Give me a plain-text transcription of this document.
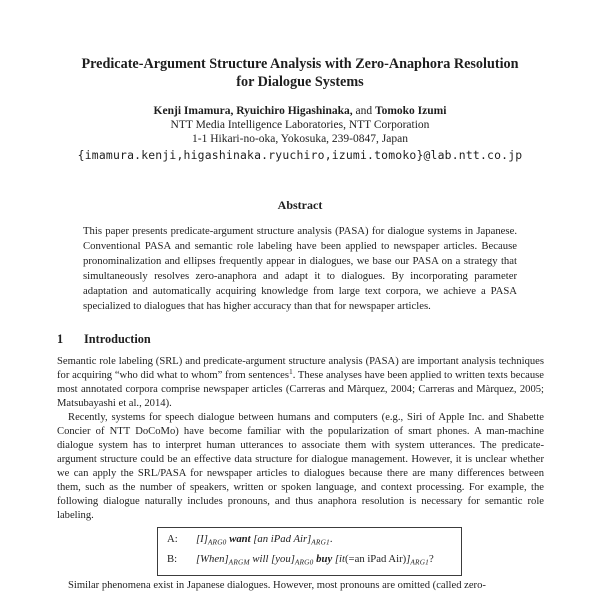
Predicate-Argument Structure Analysis with Zero-Anaphora Resolution
for Dialogue Systems
Kenji Imamura, Ryuichiro Higashinaka, and Tomoko Izumi
NTT Media Intelligence Laboratories, NTT Corporation
1-1 Hikari-no-oka, Yokosuka, 239-0847, Japan
{imamura.kenji,higashinaka.ryuchiro,izumi.tomoko}@lab.ntt.co.jp
Abstract
This paper presents predicate-argument structure analysis (PASA) for dialogue systems in Japanese. Conventional PASA and semantic role labeling have been applied to newspaper articles. Because pronominalization and ellipses frequently appear in dialogues, we base our PASA on a strategy that simultaneously resolves zero-anaphora and adapt it to dialogues. By incorporating parameter adaptation and automatically acquiring knowledge from large text corpora, we achieve a PASA specialized to dialogues that has higher accuracy than that for newspaper articles.
1 Introduction
Semantic role labeling (SRL) and predicate-argument structure analysis (PASA) are important analysis techniques for acquiring “who did what to whom” from sentences$^1$. These analyses have been applied to written texts because most annotated corpora comprise newspaper articles (Carreras and Màrquez, 2004; Carreras and Màrquez, 2005; Matsubayashi et al., 2014).
Recently, systems for speech dialogue between humans and computers (e.g., Siri of Apple Inc. and Shabette Concier of NTT DoCoMo) have become familiar with the popularization of smart phones. A man-machine dialogue system has to interpret human utterances to associate them with system utterances. The predicate-argument structure could be an effective data structure for dialogue management. However, it is unclear whether we can apply the SRL/PASA for newspaper articles to dialogues because there are many differences between them, such as the number of speakers, written or spoken language, and context processing. For example, the following dialogue naturally includes pronouns, and thus anaphora resolution is necessary for semantic role labeling.
A:	$[I]_{ARG0}$ want [an iPad $Air]_{ARG1}$.
B:	$[When]_{ARGM}$ will $[you]_{ARG0}$ buy [it(=an iPad $Air)]_{ARG1}$?
Similar phenomena exist in Japanese dialogues. However, most pronouns are omitted (called zero-
